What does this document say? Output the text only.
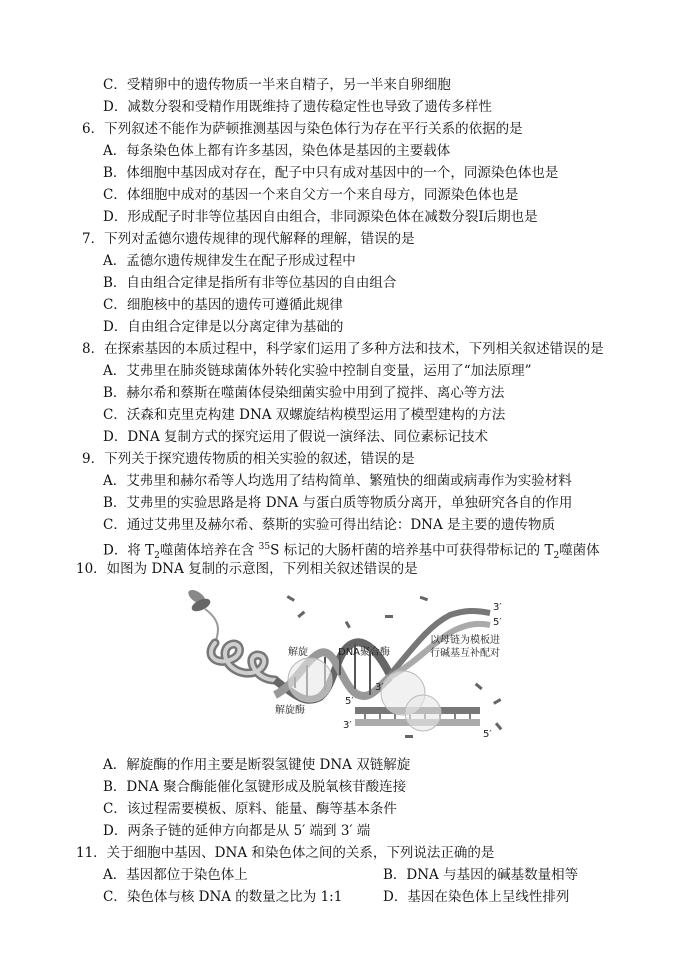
C．受精卵中的遗传物质一半来自精子，另一半来自卵细胞
D．减数分裂和受精作用既维持了遗传稳定性也导致了遗传多样性
6．下列叙述不能作为萨顿推测基因与染色体行为存在平行关系的依据的是
A．每条染色体上都有许多基因，染色体是基因的主要载体
B．体细胞中基因成对存在，配子中只有成对基因中的一个，同源染色体也是
C．体细胞中成对的基因一个来自父方一个来自母方，同源染色体也是
D．形成配子时非等位基因自由组合，非同源染色体在减数分裂Ⅰ后期也是
7．下列对孟德尔遗传规律的现代解释的理解，错误的是
A．孟德尔遗传规律发生在配子形成过程中
B．自由组合定律是指所有非等位基因的自由组合
C．细胞核中的基因的遗传可遵循此规律
D．自由组合定律是以分离定律为基础的
8．在探索基因的本质过程中，科学家们运用了多种方法和技术，下列相关叙述错误的是
A．艾弗里在肺炎链球菌体外转化实验中控制自变量，运用了“加法原理”
B．赫尔希和蔡斯在噬菌体侵染细菌实验中用到了搅拌、离心等方法
C．沃森和克里克构建 DNA 双螺旋结构模型运用了模型建构的方法
D．DNA 复制方式的探究运用了假说一演绎法、同位素标记技术
9．下列关于探究遗传物质的相关实验的叙述，错误的是
A．艾弗里和赫尔希等人均选用了结构简单、繁殖快的细菌或病毒作为实验材料
B．艾弗里的实验思路是将 DNA 与蛋白质等物质分离开，单独研究各自的作用
C．通过艾弗里及赫尔希、蔡斯的实验可得出结论：DNA 是主要的遗传物质
D．将 $T_2$噬菌体培养在含 $^{35}$S 标记的大肠杆菌的培养基中可获得带标记的 $T_2$噬菌体
10．如图为 DNA 复制的示意图，下列相关叙述错误的是
解旋
解旋酶
DNA聚合酶
以母链为模板进
行碱基互补配对
3′
5′
5′
3′
3′
5′
A．解旋酶的作用主要是断裂氢键使 DNA 双链解旋
B．DNA 聚合酶能催化氢键形成及脱氧核苷酸连接
C．该过程需要模板、原料、能量、酶等基本条件
D．两条子链的延伸方向都是从 5′ 端到 3′ 端
11．关于细胞中基因、DNA 和染色体之间的关系，下列说法正确的是
A．基因都位于染色体上	B．DNA 与基因的碱基数量相等
C．染色体与核 DNA 的数量之比为 1:1	D．基因在染色体上呈线性排列
